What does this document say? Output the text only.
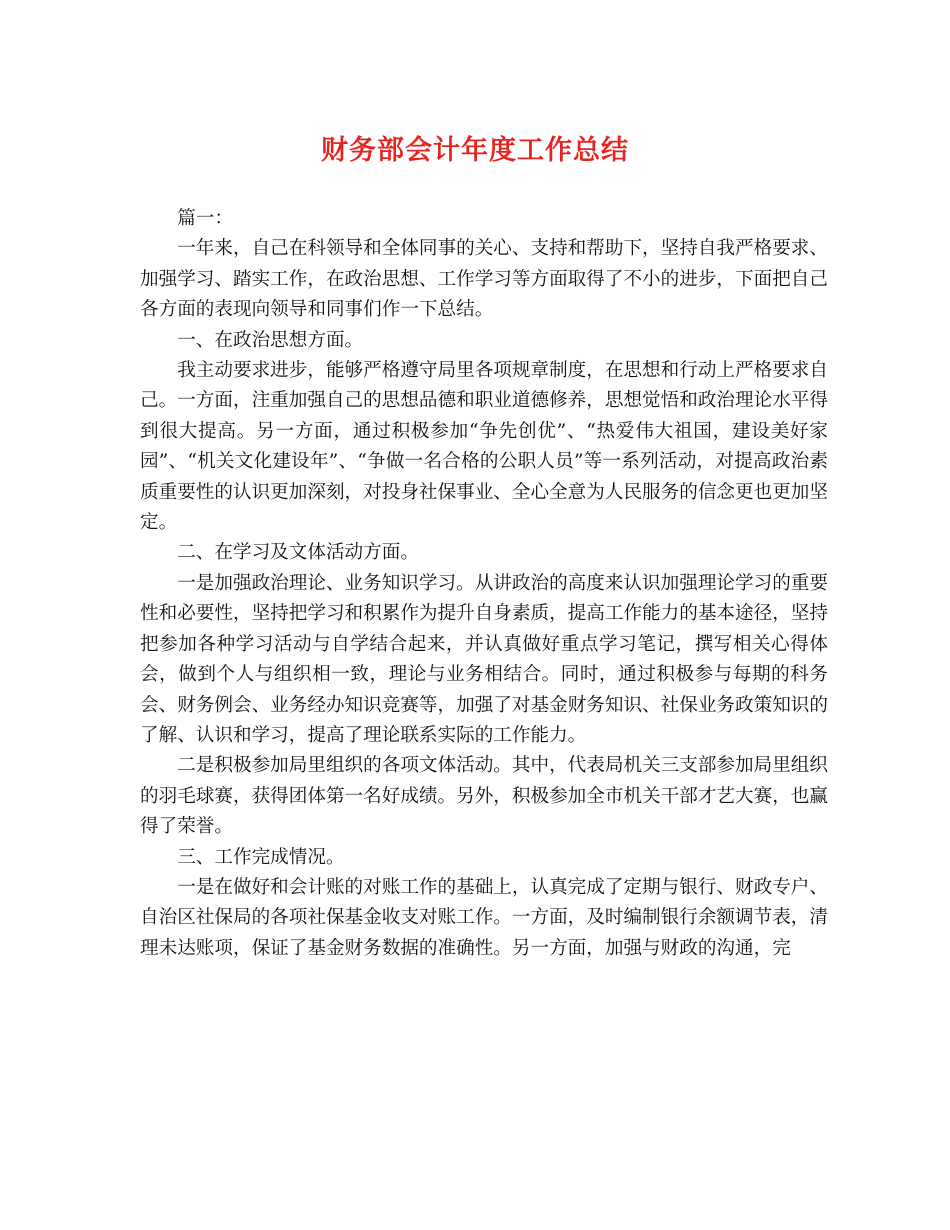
财务部会计年度工作总结

篇一：

一年来，自己在科领导和全体同事的关心、支持和帮助下，坚持自我严格要求、加强学习、踏实工作，在政治思想、工作学习等方面取得了不小的进步，下面把自己各方面的表现向领导和同事们作一下总结。

一、在政治思想方面。

我主动要求进步，能够严格遵守局里各项规章制度，在思想和行动上严格要求自己。一方面，注重加强自己的思想品德和职业道德修养，思想觉悟和政治理论水平得到很大提高。另一方面，通过积极参加“争先创优”、“热爱伟大祖国，建设美好家园”、“机关文化建设年”、“争做一名合格的公职人员”等一系列活动，对提高政治素质重要性的认识更加深刻，对投身社保事业、全心全意为人民服务的信念更也更加坚定。

二、在学习及文体活动方面。

一是加强政治理论、业务知识学习。从讲政治的高度来认识加强理论学习的重要性和必要性，坚持把学习和积累作为提升自身素质，提高工作能力的基本途径，坚持把参加各种学习活动与自学结合起来，并认真做好重点学习笔记，撰写相关心得体会，做到个人与组织相一致，理论与业务相结合。同时，通过积极参与每期的科务会、财务例会、业务经办知识竞赛等，加强了对基金财务知识、社保业务政策知识的了解、认识和学习，提高了理论联系实际的工作能力。

二是积极参加局里组织的各项文体活动。其中，代表局机关三支部参加局里组织的羽毛球赛，获得团体第一名好成绩。另外，积极参加全市机关干部才艺大赛，也赢得了荣誉。

三、工作完成情况。

一是在做好和会计账的对账工作的基础上，认真完成了定期与银行、财政专户、自治区社保局的各项社保基金收支对账工作。一方面，及时编制银行余额调节表，清理未达账项，保证了基金财务数据的准确性。另一方面，加强与财政的沟通，完
